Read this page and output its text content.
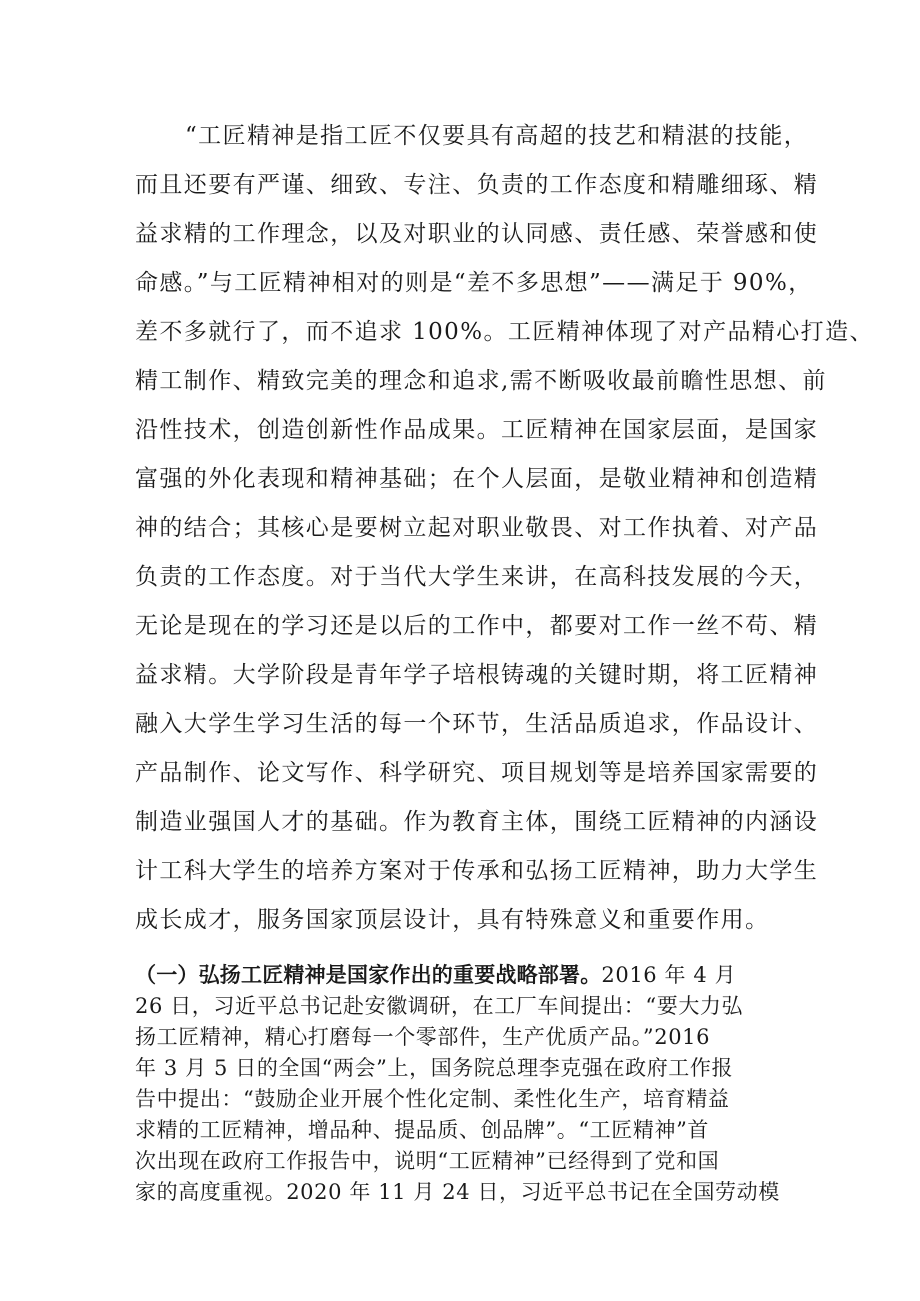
“工匠精神是指工匠不仅要具有高超的技艺和精湛的技能，
而且还要有严谨、细致、专注、负责的工作态度和精雕细琢、精
益求精的工作理念，以及对职业的认同感、责任感、荣誉感和使
命感。”与工匠精神相对的则是“差不多思想”——满足于 90%，
差不多就行了，而不追求 100%。工匠精神体现了对产品精心打造、
精工制作、精致完美的理念和追求,需不断吸收最前瞻性思想、前
沿性技术，创造创新性作品成果。工匠精神在国家层面，是国家
富强的外化表现和精神基础；在个人层面，是敬业精神和创造精
神的结合；其核心是要树立起对职业敬畏、对工作执着、对产品
负责的工作态度。对于当代大学生来讲，在高科技发展的今天，
无论是现在的学习还是以后的工作中，都要对工作一丝不苟、精
益求精。大学阶段是青年学子培根铸魂的关键时期，将工匠精神
融入大学生学习生活的每一个环节，生活品质追求，作品设计、
产品制作、论文写作、科学研究、项目规划等是培养国家需要的
制造业强国人才的基础。作为教育主体，围绕工匠精神的内涵设
计工科大学生的培养方案对于传承和弘扬工匠精神，助力大学生
成长成才，服务国家顶层设计，具有特殊意义和重要作用。
（一）弘扬工匠精神是国家作出的重要战略部署。2016 年 4 月
26 日，习近平总书记赴安徽调研，在工厂车间提出：“要大力弘
扬工匠精神，精心打磨每一个零部件，生产优质产品。”2016
年 3 月 5 日的全国“两会”上，国务院总理李克强在政府工作报
告中提出：“鼓励企业开展个性化定制、柔性化生产，培育精益
求精的工匠精神，增品种、提品质、创品牌”。“工匠精神”首
次出现在政府工作报告中，说明“工匠精神”已经得到了党和国
家的高度重视。2020 年 11 月 24 日，习近平总书记在全国劳动模
